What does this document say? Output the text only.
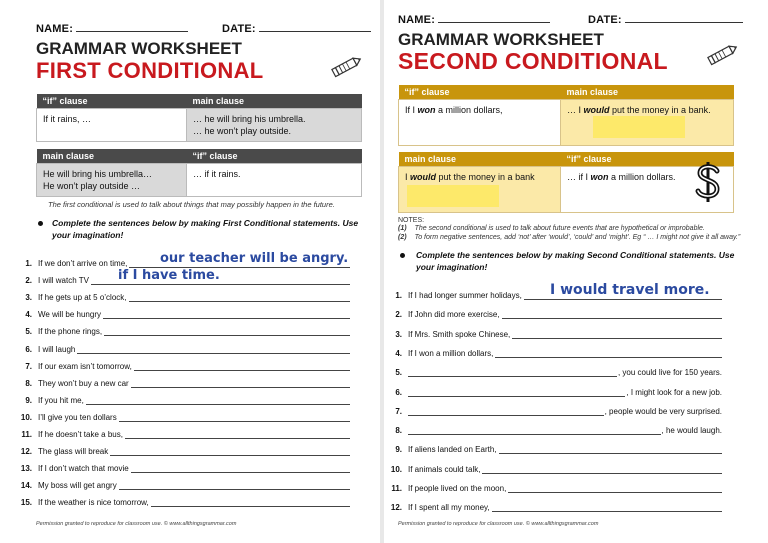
NAME:	DATE:
GRAMMAR WORKSHEET
FIRST CONDITIONAL
“if” clause	main clause
If it rains, …	… he will bring his umbrella.
… he won’t play outside.
main clause	“if” clause

He will bring his umbrella…
He won’t play outside …	… if it rains.
The first conditional is used to talk about things that may possibly happen in the future.
Complete the sentences below by making First Conditional statements. Use your imagination!
1. If we don’t arrive on time,
2. I will watch TV
3. If he gets up at 5 o’clock,
4. We will be hungry
5. If the phone rings,
6. I will laugh
7. If our exam isn’t tomorrow,
8. They won’t buy a new car
9. If you hit me,
10. I’ll give you ten dollars
11. If he doesn’t take a bus,
12. The glass will break
13. If I don’t watch that movie
14. My boss will get angry
15. If the weather is nice tomorrow,
our teacher will be angry.
if I have time.
Permission granted to reproduce for classroom use. © www.allthingsgrammar.com
NAME:	DATE:
GRAMMAR WORKSHEET
SECOND CONDITIONAL
“if” clause	main clause
If I won a million dollars,	… I would put the money in a bank.
main clause	“if” clause

I would put the money in a bank	… if I won a million dollars.
NOTES:
(1) The second conditional is used to talk about future events that are hypothetical or improbable.
(2) To form negative sentences, add ‘not’ after ‘would’, ‘could’ and ‘might’. Eg “ … I might not give it all away.”
Complete the sentences below by making Second Conditional statements. Use your imagination!
1. If I had longer summer holidays,
2. If John did more exercise,
3. If Mrs. Smith spoke Chinese,
4. If I won a million dollars,
5.	, you could live for 150 years.
6.	, I might look for a new job.
7.	, people would be very surprised.
8.	, he would laugh.
9. If aliens landed on Earth,
10. If animals could talk,
11. If people lived on the moon,
12. If I spent all my money,
I would travel more.
Permission granted to reproduce for classroom use. © www.allthingsgrammar.com
